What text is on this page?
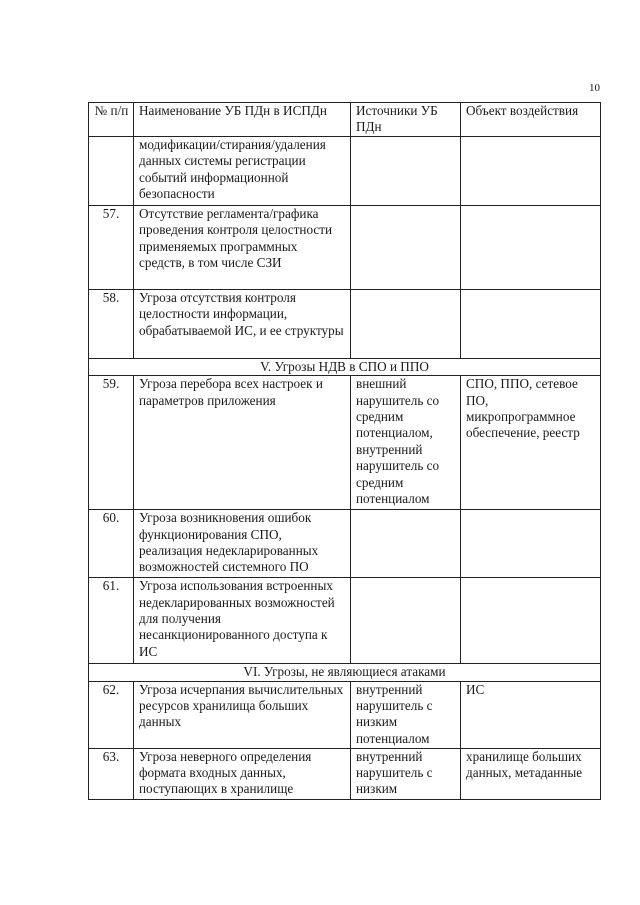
10
№ п/п	Наименование УБ ПДн в ИСПДн	Источники УБ ПДн	Объект воздействия
	модификации/стирания/удаления данных системы регистрации событий информационной безопасности		
57.	Отсутствие регламента/графика проведения контроля целостности применяемых программных средств, в том числе СЗИ		
58.	Угроза отсутствия контроля целостности информации, обрабатываемой ИС, и ее структуры		
V. Угрозы НДВ в СПО и ППО			
59.	Угроза перебора всех настроек и параметров приложения	внешний нарушитель со средним потенциалом, внутренний нарушитель со средним потенциалом	СПО, ППО, сетевое ПО, микропрограммное обеспечение, реестр
60.	Угроза возникновения ошибок функционирования СПО, реализация недекларированных возможностей системного ПО		
61.	Угроза использования встроенных недекларированных возможностей для получения несанкционированного доступа к ИС		
VI. Угрозы, не являющиеся атаками			
62.	Угроза исчерпания вычислительных ресурсов хранилища больших данных	внутренний нарушитель с низким потенциалом	ИС
63.	Угроза неверного определения формата входных данных, поступающих в хранилище	внутренний нарушитель с низким	хранилище больших данных, метаданные
